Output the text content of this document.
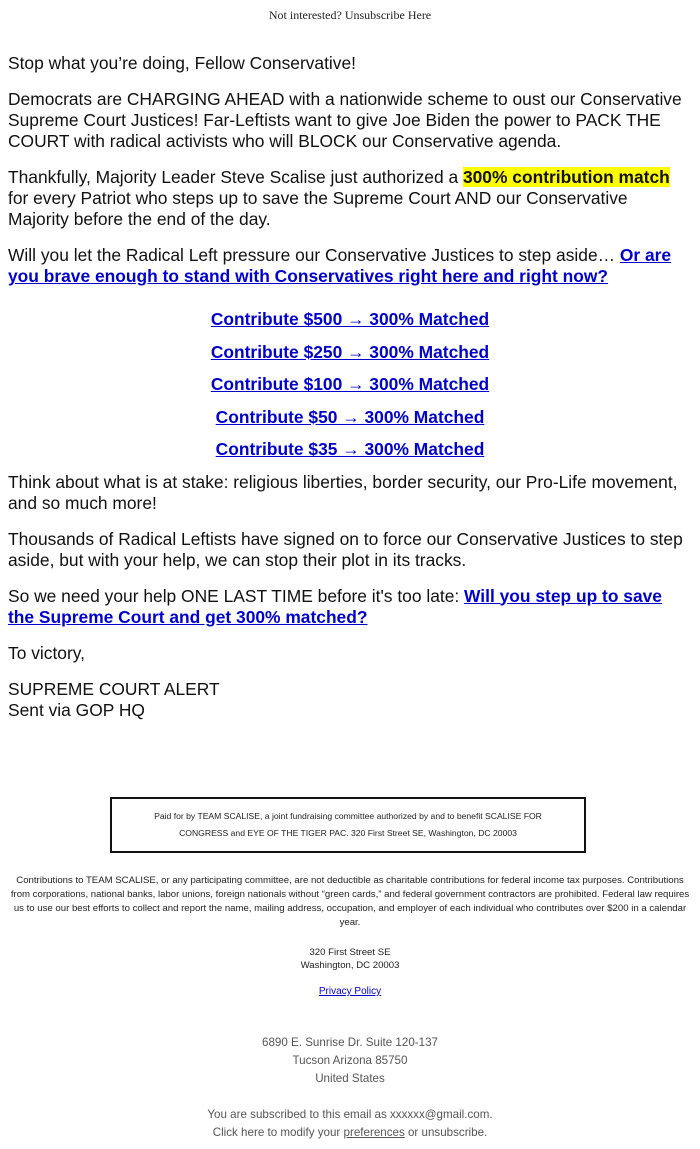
Not interested? Unsubscribe Here

Stop what you’re doing, Fellow Conservative!

Democrats are CHARGING AHEAD with a nationwide scheme to oust our Conservative Supreme Court Justices! Far-Leftists want to give Joe Biden the power to PACK THE COURT with radical activists who will BLOCK our Conservative agenda.

Thankfully, Majority Leader Steve Scalise just authorized a 300% contribution match for every Patriot who steps up to save the Supreme Court AND our Conservative Majority before the end of the day.

Will you let the Radical Left pressure our Conservative Justices to step aside… Or are you brave enough to stand with Conservatives right here and right now?

Contribute $500 → 300% Matched
Contribute $250 → 300% Matched
Contribute $100 → 300% Matched
Contribute $50 → 300% Matched
Contribute $35 → 300% Matched

Think about what is at stake: religious liberties, border security, our Pro-Life movement, and so much more!

Thousands of Radical Leftists have signed on to force our Conservative Justices to step aside, but with your help, we can stop their plot in its tracks.

So we need your help ONE LAST TIME before it's too late: Will you step up to save the Supreme Court and get 300% matched?

To victory,

SUPREME COURT ALERT
Sent via GOP HQ

Paid for by TEAM SCALISE, a joint fundraising committee authorized by and to benefit SCALISE FOR CONGRESS and EYE OF THE TIGER PAC. 320 First Street SE, Washington, DC 20003
Contributions to TEAM SCALISE, or any participating committee, are not deductible as charitable contributions for federal income tax purposes. Contributions from corporations, national banks, labor unions, foreign nationals without “green cards,” and federal government contractors are prohibited. Federal law requires us to use our best efforts to collect and report the name, mailing address, occupation, and employer of each individual who contributes over $200 in a calendar year.
320 First Street SE
Washington, DC 20003
Privacy Policy
6890 E. Sunrise Dr. Suite 120-137
Tucson Arizona 85750
United States
You are subscribed to this email as xxxxxx@gmail.com.
Click here to modify your preferences or unsubscribe.
